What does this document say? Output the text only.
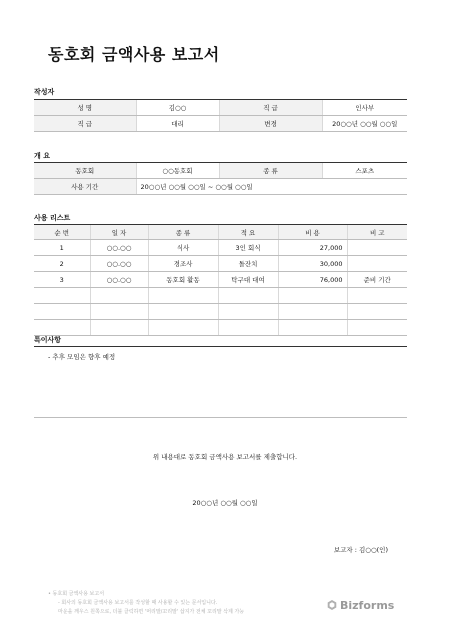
동호회 금액사용 보고서
작성자
성 명	김○○	직 급	인사부
직 급	대리	변경	20○○년 ○○월 ○○일
개 요
동호회	○○동호회	종 류	스포츠
사용 기간	20○○년 ○○월 ○○일 ~ ○○월 ○○일		
사용 리스트
순 번	일 자	종 류	적 요	비 용	비 고
1	○○.○○	식사	3인 회식	27,000	
2	○○.○○	경조사	돌잔치	30,000	
3	○○.○○	동호회 활동	탁구대 대여	76,000	준비 기간

특이사항
- 추후 모임은 향후 예정
위 내용대로 동호회 금액사용 보고서를 제출합니다.
20○○년 ○○월 ○○일
보고자 : 김○○(인)
• 동호회 금액사용 보고서
- 회사의 동호회 금액사용 보고서를 작성할 때 사용할 수 있는 문서입니다.
마운을 깨우스 원쪽으로, 더블 클릭하면 '머리말/꼬리말' 삽지가 전체 꼬리말 삭제 가능	Bizforms
